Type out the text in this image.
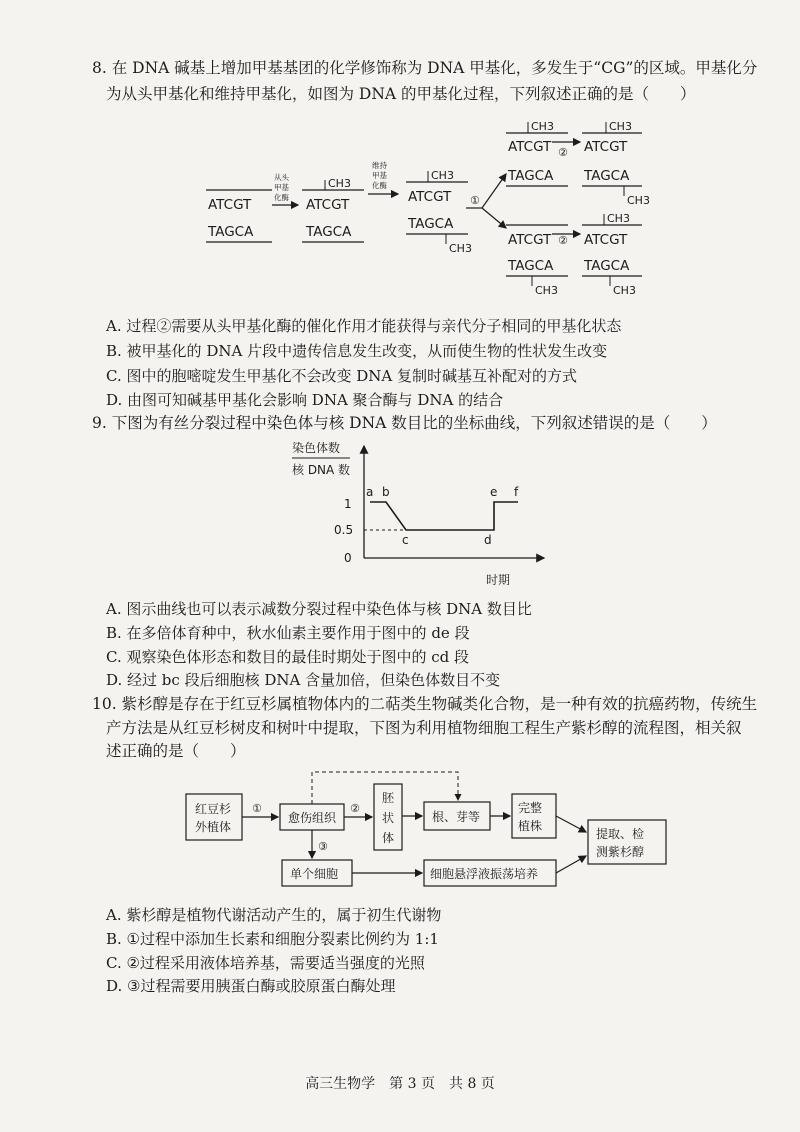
8. 在 DNA 碱基上增加甲基基团的化学修饰称为 DNA 甲基化，多发生于“CG”的区域。甲基化分
为从头甲基化和维持甲基化，如图为 DNA 的甲基化过程，下列叙述正确的是（　　）
ATCGT
TAGCA
从头
甲基
化酶
CH3
ATCGT
TAGCA
维持
甲基
化酶
CH3
ATCGT
TAGCA
CH3
①
CH3
ATCGT
TAGCA
②
CH3
ATCGT
TAGCA
CH3
ATCGT
TAGCA
CH3
②
CH3
ATCGT
TAGCA
CH3
A. 过程②需要从头甲基化酶的催化作用才能获得与亲代分子相同的甲基化状态
B. 被甲基化的 DNA 片段中遗传信息发生改变，从而使生物的性状发生改变
C. 图中的胞嘧啶发生甲基化不会改变 DNA 复制时碱基互补配对的方式
D. 由图可知碱基甲基化会影响 DNA 聚合酶与 DNA 的结合
9. 下图为有丝分裂过程中染色体与核 DNA 数目比的坐标曲线，下列叙述错误的是（　　）
染色体数
核 DNA 数
1
0.5
0
时期
a b
c	d
e f
A. 图示曲线也可以表示减数分裂过程中染色体与核 DNA 数目比
B. 在多倍体育种中，秋水仙素主要作用于图中的 de 段
C. 观察染色体形态和数目的最佳时期处于图中的 cd 段
D. 经过 bc 段后细胞核 DNA 含量加倍，但染色体数目不变
10. 紫杉醇是存在于红豆杉属植物体内的二萜类生物碱类化合物，是一种有效的抗癌药物，传统生
产方法是从红豆杉树皮和树叶中提取，下图为利用植物细胞工程生产紫杉醇的流程图，相关叙
述正确的是（　　）
红豆杉
外植体
①
愈伤组织
②
胚
状
体
根、芽等
完整
植株
提取、检
测紫杉醇
③
单个细胞	细胞悬浮液振荡培养
A. 紫杉醇是植物代谢活动产生的，属于初生代谢物
B. ①过程中添加生长素和细胞分裂素比例约为 1:1
C. ②过程采用液体培养基，需要适当强度的光照
D. ③过程需要用胰蛋白酶或胶原蛋白酶处理
高三生物学　第 3 页　共 8 页
